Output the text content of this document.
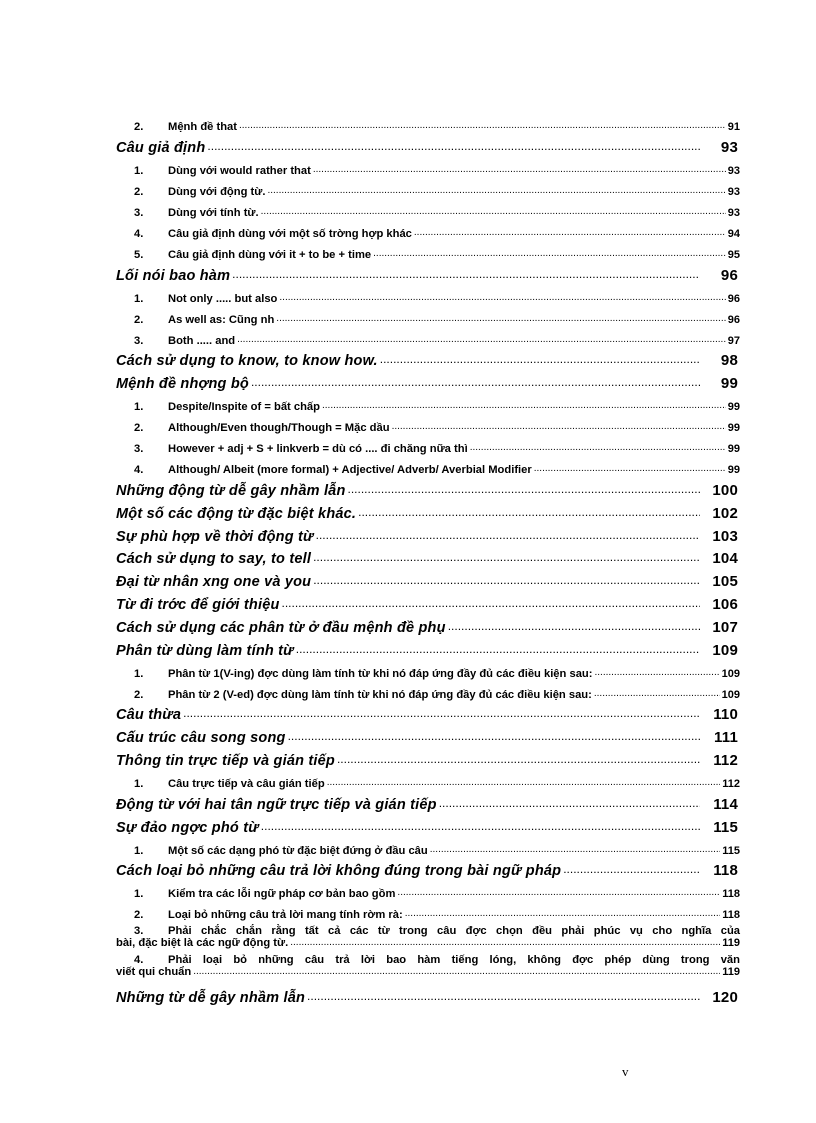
2. Mệnh đề that .....	91
Câu giả định .....	93
1. Dùng với would rather that .....	93
2. Dùng với động từ. .....	93
3. Dùng với tính từ. .....	93
4. Câu giả định dùng với một số trờng hợp khác .....	94
5. Câu giả định dùng với it + to be + time .....	95
Lối nói bao hàm .....	96
1. Not only ..... but also .....	96
2. As well as: Cũng nh .....	96
3. Both ..... and .....	97
Cách sử dụng to know, to know how. .....	98
Mệnh đề nhợng bộ .....	99
1. Despite/Inspite of = bất chấp .....	99
2. Although/Even though/Though = Mặc dầu .....	99
3. However + adj + S + linkverb = dù có .... đi chăng nữa thì .....	99
4. Although/ Albeit (more formal) + Adjective/ Adverb/ Averbial Modifier .....	99
Những động từ dễ gây nhầm lẫn .....	100
Một số các động từ đặc biệt khác. .....	102
Sự phù hợp về thời động từ .....	103
Cách sử dụng to say, to tell .....	104
Đại từ nhân xng one và you .....	105
Từ đi trớc để giới thiệu .....	106
Cách sử dụng các phân từ ở đầu mệnh đề phụ .....	107
Phân từ dùng làm tính từ .....	109
1. Phân từ 1(V-ing) đợc dùng làm tính từ khi nó đáp ứng đầy đủ các điều kiện sau: .....	109
2. Phân từ 2 (V-ed) đợc dùng làm tính từ khi nó đáp ứng đầy đủ các điều kiện sau: .....	109
Câu thừa .....	110
Cấu trúc câu song song .....	111
Thông tin trực tiếp và gián tiếp .....	112
1. Câu trực tiếp và câu gián tiếp .....	112
Động từ với hai tân ngữ trực tiếp và gián tiếp .....	114
Sự đảo ngợc phó từ .....	115
1. Một số các dạng phó từ đặc biệt đứng ở đầu câu .....	115
Cách loại bỏ những câu trả lời không đúng trong bài ngữ pháp .....	118
1. Kiểm tra các lỗi ngữ pháp cơ bản bao gồm .....	118
2. Loại bỏ những câu trả lời mang tính rờm rà: .....	118
3. Phải chắc chắn rằng tất cả các từ trong câu đợc chọn đều phải phúc vụ cho nghĩa của
bài, đặc biệt là các ngữ động từ. .....	119
4. Phải loại bỏ những câu trả lời bao hàm tiếng lóng, không đợc phép dùng trong văn
viết qui chuẩn .....	119
Những từ dễ gây nhầm lẫn .....	120
v
